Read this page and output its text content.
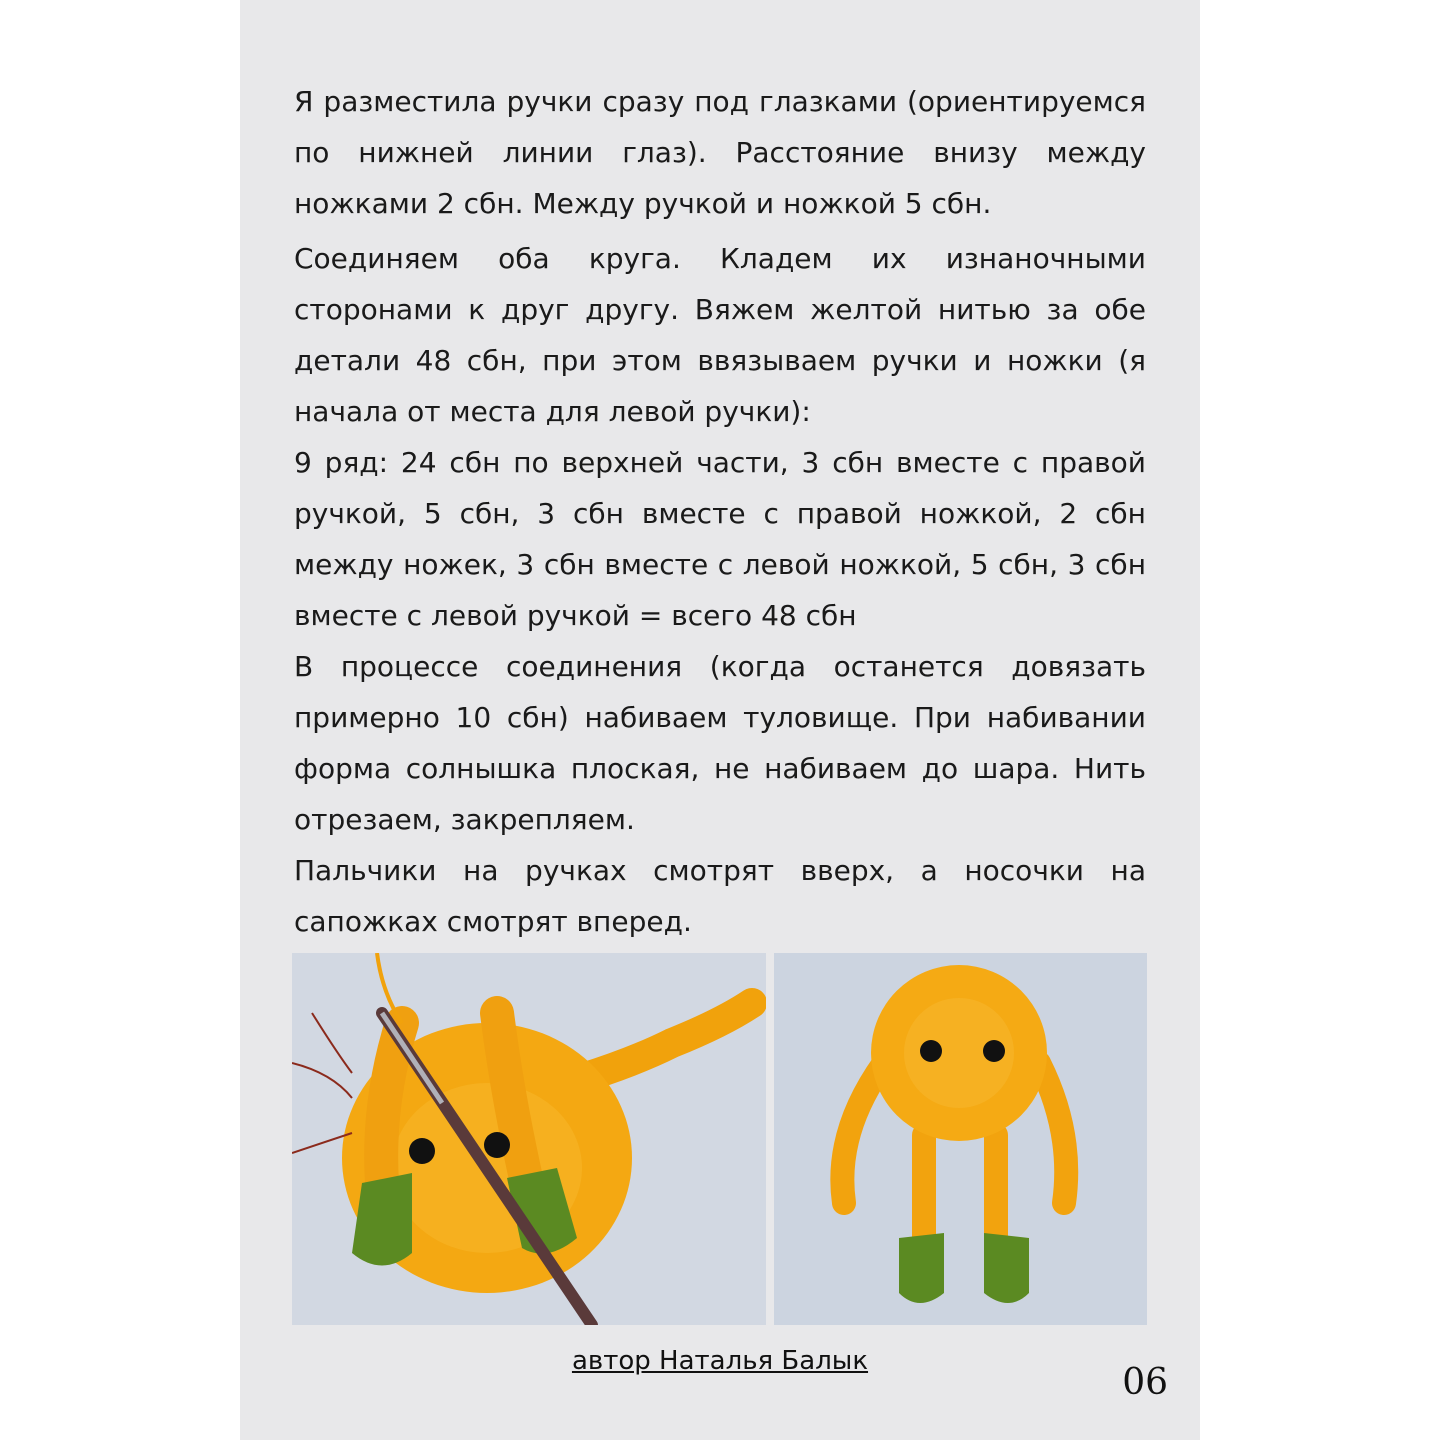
Я разместила ручки сразу под глазками (ориентируемся по нижней линии глаз). Расстояние внизу между ножками 2 сбн. Между ручкой и ножкой 5 сбн.

Соединяем оба круга. Кладем их изнаночными сторонами к друг другу. Вяжем желтой нитью за обе детали 48 сбн, при этом ввязываем ручки и ножки (я начала от места для левой ручки):

9 ряд: 24 сбн по верхней части, 3 сбн вместе с правой ручкой, 5 сбн, 3 сбн вместе с правой ножкой, 2 сбн между ножек, 3 сбн вместе с левой ножкой, 5 сбн, 3 сбн вместе с левой ручкой = всего 48 сбн

В процессе соединения (когда останется довязать примерно 10 сбн) набиваем туловище. При набивании форма солнышка плоская, не набиваем до шара. Нить отрезаем, закрепляем.

Пальчики на ручках смотрят вверх, а носочки на сапожках смотрят вперед.

автор Наталья Балык
06
